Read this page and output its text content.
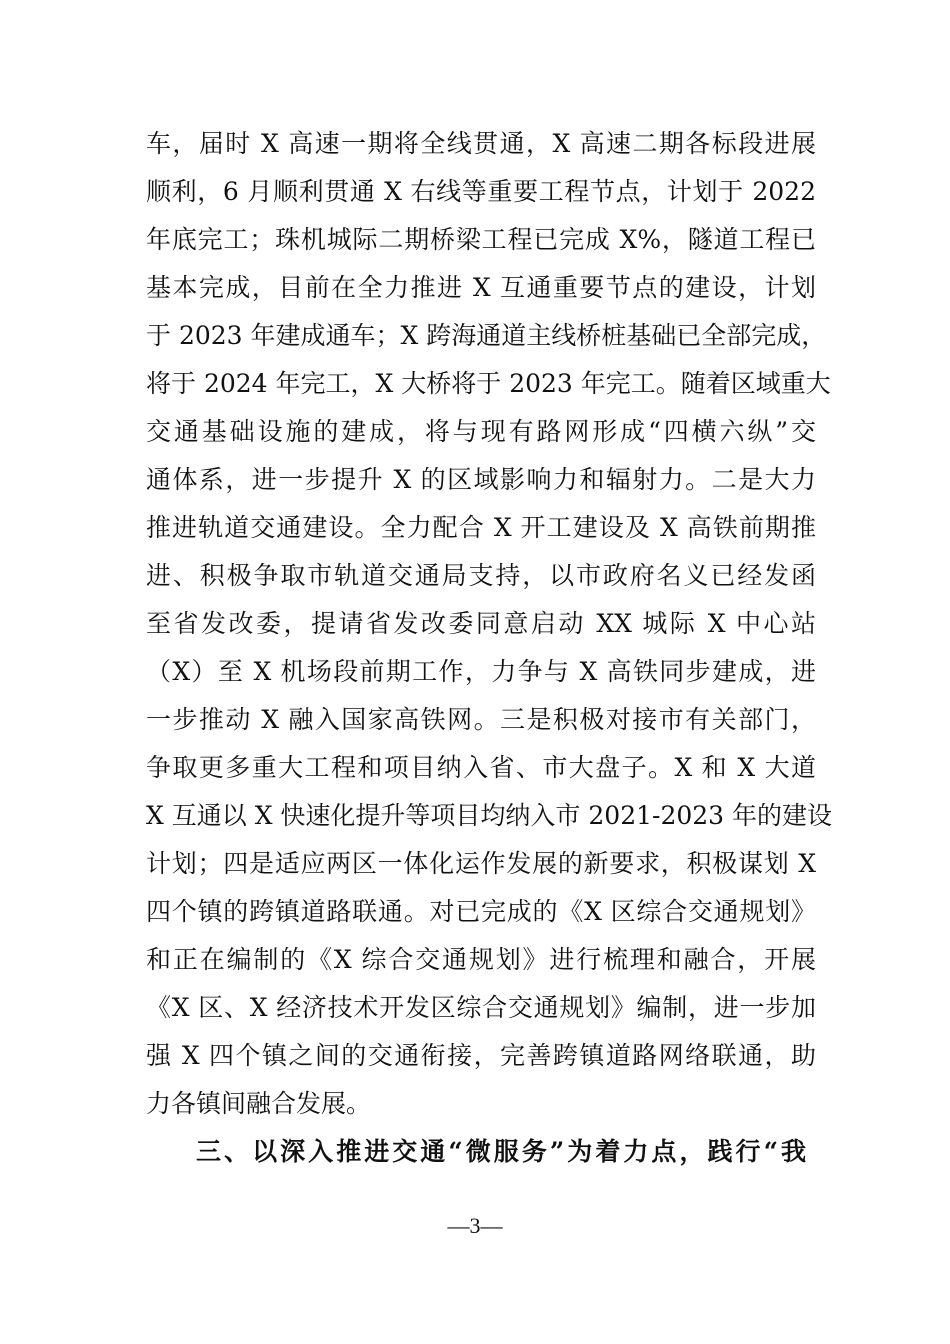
车，届时 X 高速一期将全线贯通，X 高速二期各标段进展
顺利，6 月顺利贯通 X 右线等重要工程节点，计划于 2022
年底完工；珠机城际二期桥梁工程已完成 X%，隧道工程已
基本完成，目前在全力推进 X 互通重要节点的建设，计划
于 2023 年建成通车；X 跨海通道主线桥桩基础已全部完成，
将于 2024 年完工，X 大桥将于 2023 年完工。随着区域重大
交通基础设施的建成，将与现有路网形成“四横六纵”交
通体系，进一步提升 X 的区域影响力和辐射力。二是大力
推进轨道交通建设。全力配合 X 开工建设及 X 高铁前期推
进、积极争取市轨道交通局支持，以市政府名义已经发函
至省发改委，提请省发改委同意启动 XX 城际 X 中心站
（X）至 X 机场段前期工作，力争与 X 高铁同步建成，进
一步推动 X 融入国家高铁网。三是积极对接市有关部门，
争取更多重大工程和项目纳入省、市大盘子。X 和 X 大道
X 互通以 X 快速化提升等项目均纳入市 2021-2023 年的建设
计划；四是适应两区一体化运作发展的新要求，积极谋划 X
四个镇的跨镇道路联通。对已完成的《X 区综合交通规划》
和正在编制的《X 综合交通规划》进行梳理和融合，开展
《X 区、X 经济技术开发区综合交通规划》编制，进一步加
强 X 四个镇之间的交通衔接，完善跨镇道路网络联通，助
力各镇间融合发展。
三、以深入推进交通“微服务”为着力点，践行“我
—3—
